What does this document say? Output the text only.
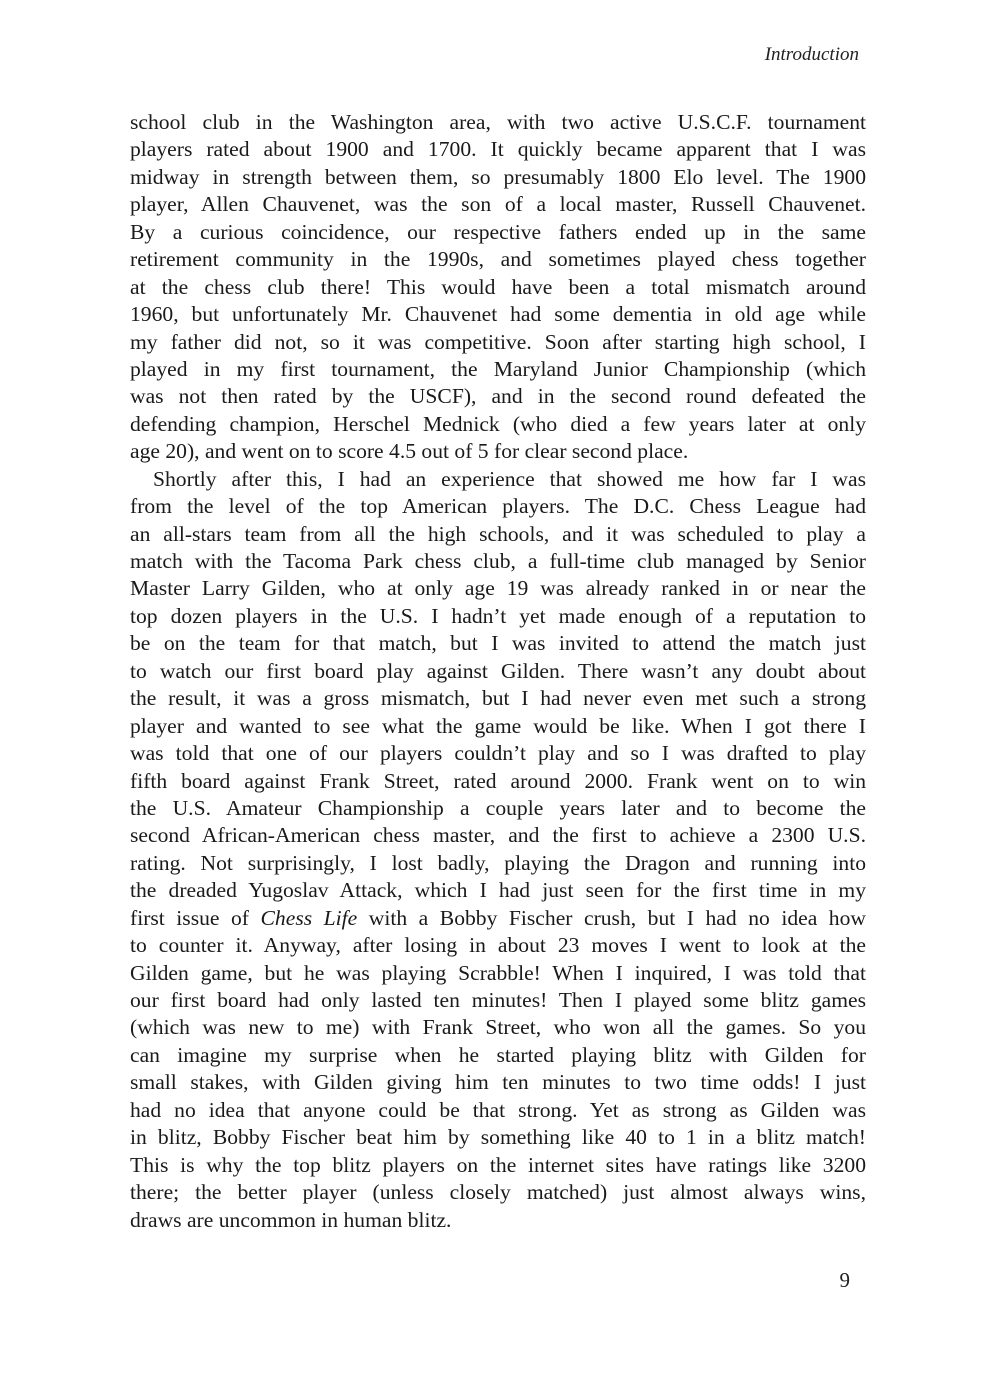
Introduction
school club in the Washington area, with two active U.S.C.F. tournament
players rated about 1900 and 1700. It quickly became apparent that I was
midway in strength between them, so presumably 1800 Elo level. The 1900
player, Allen Chauvenet, was the son of a local master, Russell Chauvenet.
By a curious coincidence, our respective fathers ended up in the same
retirement community in the 1990s, and sometimes played chess together
at the chess club there! This would have been a total mismatch around
1960, but unfortunately Mr. Chauvenet had some dementia in old age while
my father did not, so it was competitive. Soon after starting high school, I
played in my first tournament, the Maryland Junior Championship (which
was not then rated by the USCF), and in the second round defeated the
defending champion, Herschel Mednick (who died a few years later at only
age 20), and went on to score 4.5 out of 5 for clear second place.
Shortly after this, I had an experience that showed me how far I was
from the level of the top American players. The D.C. Chess League had
an all-stars team from all the high schools, and it was scheduled to play a
match with the Tacoma Park chess club, a full-time club managed by Senior
Master Larry Gilden, who at only age 19 was already ranked in or near the
top dozen players in the U.S. I hadn’t yet made enough of a reputation to
be on the team for that match, but I was invited to attend the match just
to watch our first board play against Gilden. There wasn’t any doubt about
the result, it was a gross mismatch, but I had never even met such a strong
player and wanted to see what the game would be like. When I got there I
was told that one of our players couldn’t play and so I was drafted to play
fifth board against Frank Street, rated around 2000. Frank went on to win
the U.S. Amateur Championship a couple years later and to become the
second African-American chess master, and the first to achieve a 2300 U.S.
rating. Not surprisingly, I lost badly, playing the Dragon and running into
the dreaded Yugoslav Attack, which I had just seen for the first time in my
first issue of Chess Life with a Bobby Fischer crush, but I had no idea how
to counter it. Anyway, after losing in about 23 moves I went to look at the
Gilden game, but he was playing Scrabble! When I inquired, I was told that
our first board had only lasted ten minutes! Then I played some blitz games
(which was new to me) with Frank Street, who won all the games. So you
can imagine my surprise when he started playing blitz with Gilden for
small stakes, with Gilden giving him ten minutes to two time odds! I just
had no idea that anyone could be that strong. Yet as strong as Gilden was
in blitz, Bobby Fischer beat him by something like 40 to 1 in a blitz match!
This is why the top blitz players on the internet sites have ratings like 3200
there; the better player (unless closely matched) just almost always wins,
draws are uncommon in human blitz.
9
